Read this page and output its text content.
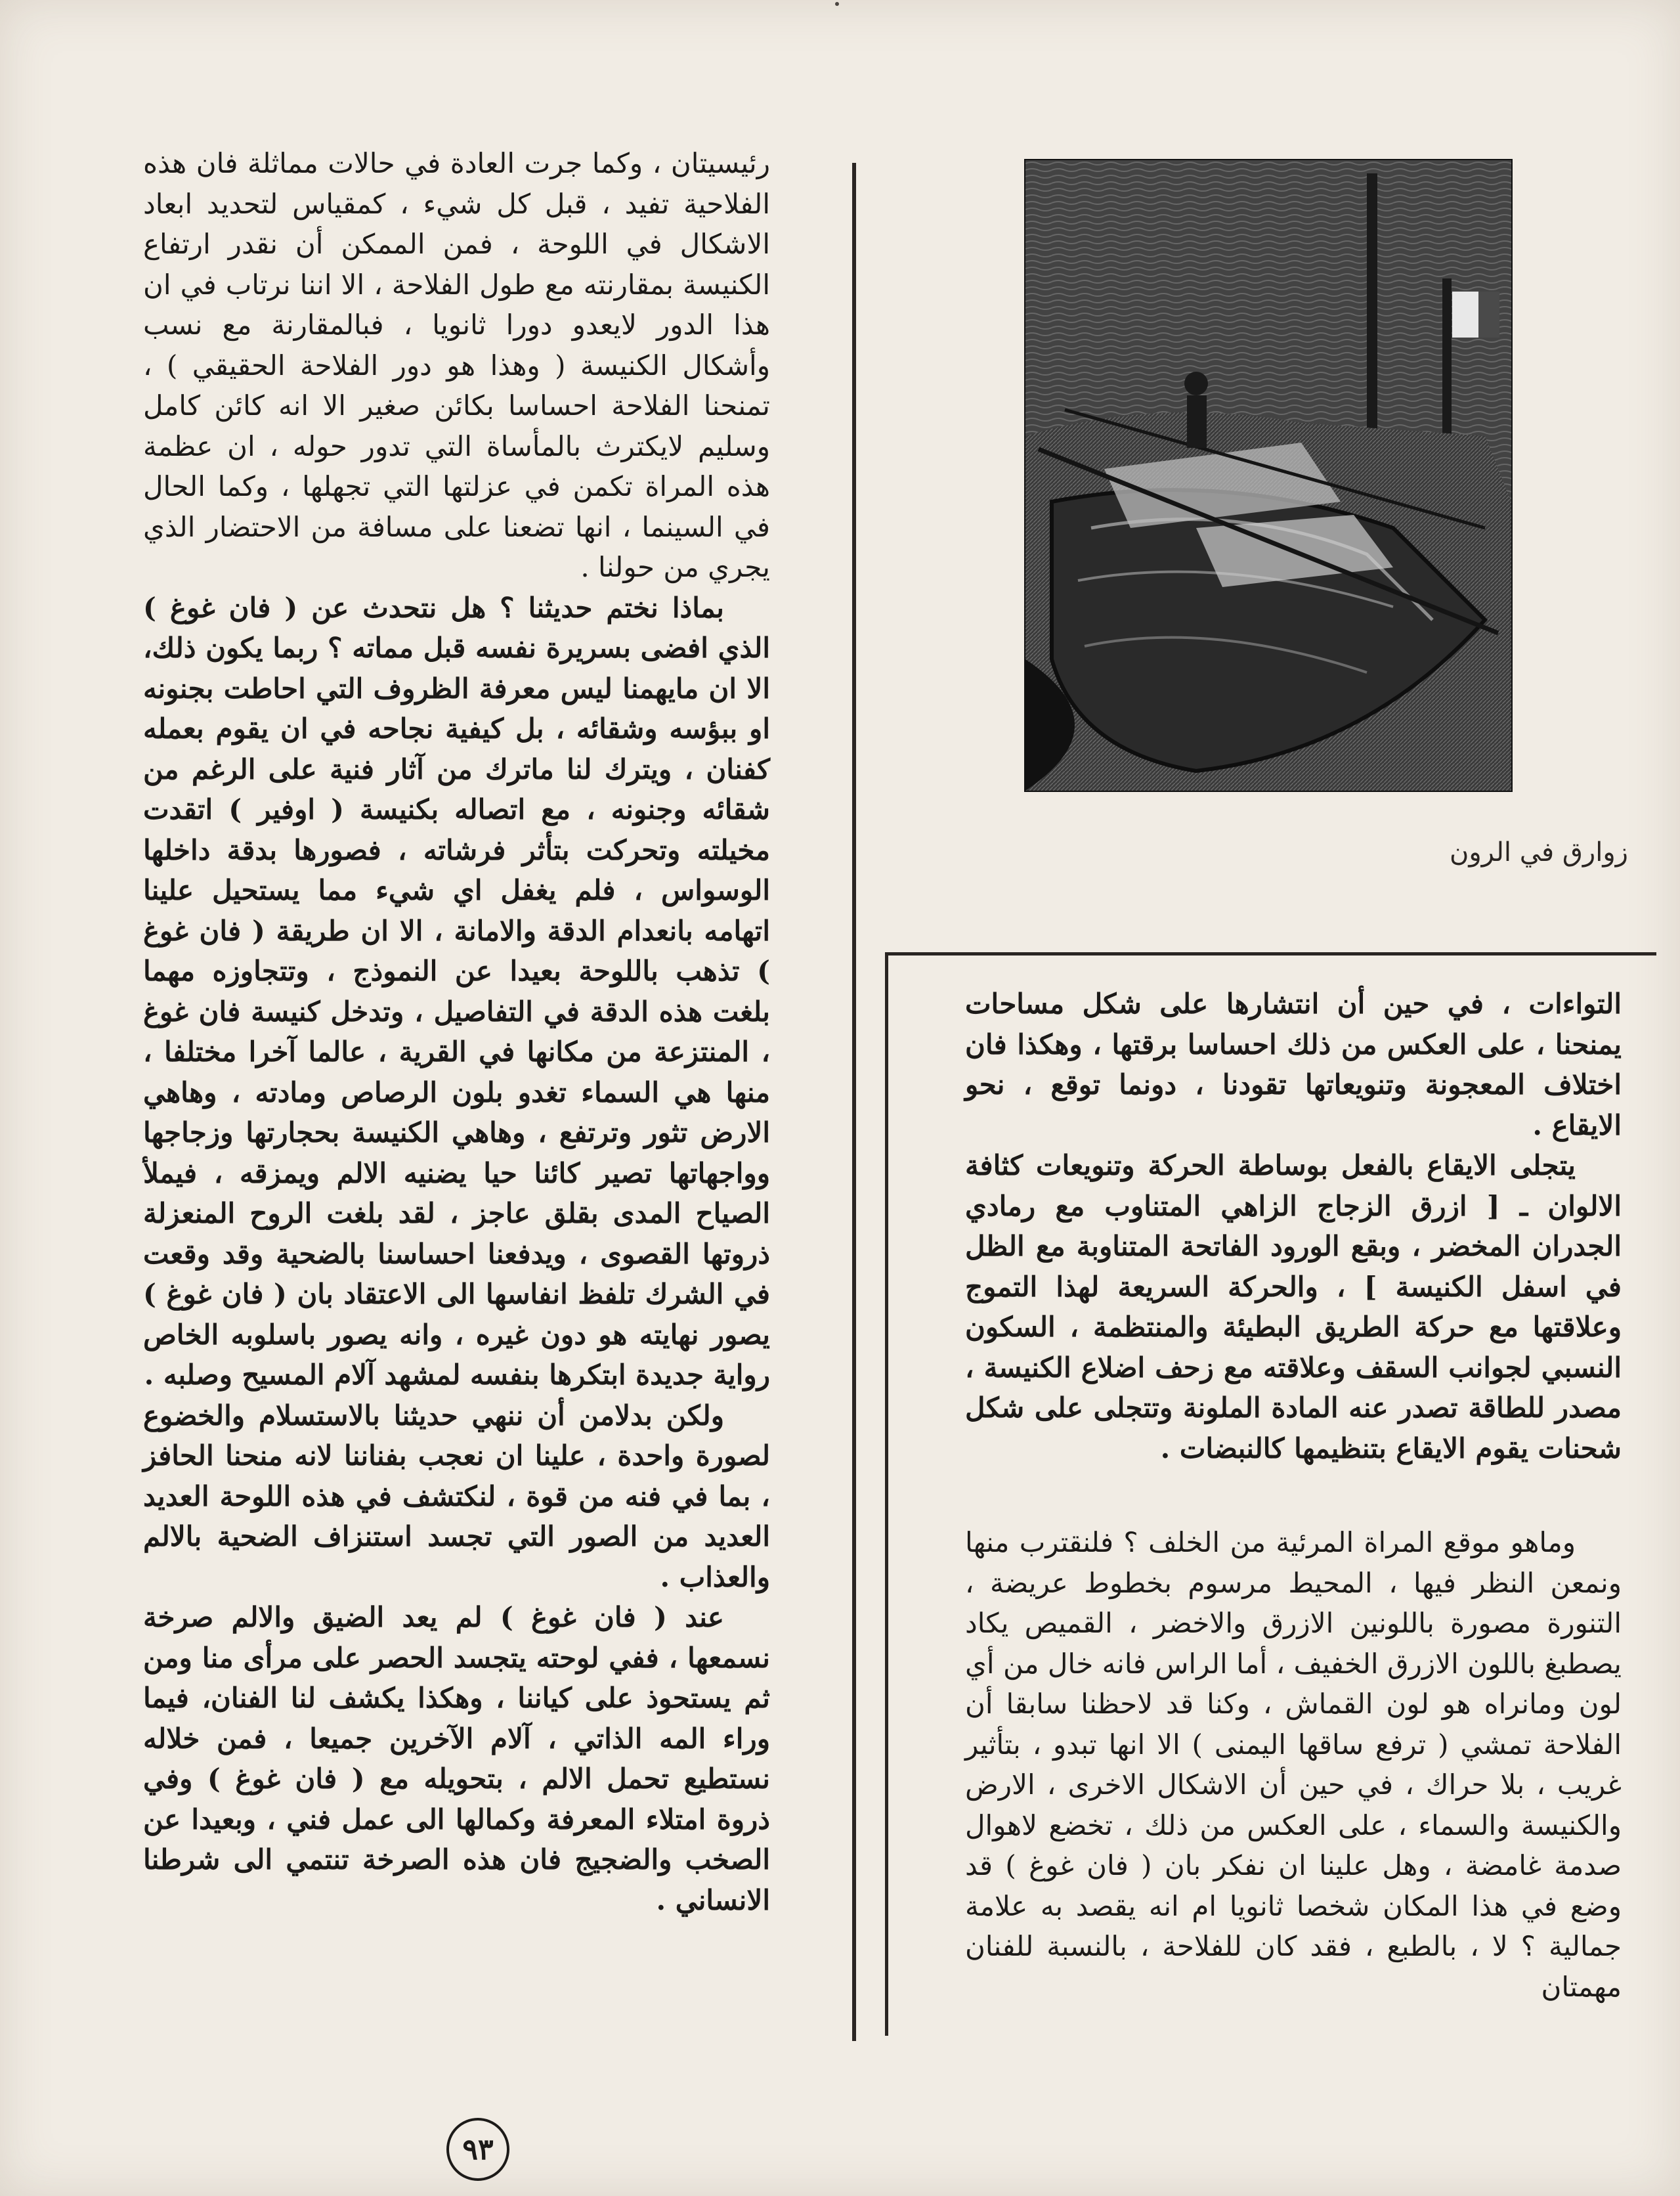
رئيسيتان ، وكما جرت العادة في حالات مماثلة فان هذه الفلاحية تفيد ، قبل كل شيء ، كمقياس لتحديد ابعاد الاشكال في اللوحة ، فمن الممكن أن نقدر ارتفاع الكنيسة بمقارنته مع طول الفلاحة ، الا اننا نرتاب في ان هذا الدور لايعدو دورا ثانويا ، فبالمقارنة مع نسب وأشكال الكنيسة ( وهذا هو دور الفلاحة الحقيقي ) ، تمنحنا الفلاحة احساسا بكائن صغير الا انه كائن كامل وسليم لايكترث بالمأساة التي تدور حوله ، ان عظمة هذه المراة تكمن في عزلتها التي تجهلها ، وكما الحال في السينما ، انها تضعنا على مسافة من الاحتضار الذي يجري من حولنا .

بماذا نختم حديثنا ؟ هل نتحدث عن ( فان غوغ ) الذي افضى بسريرة نفسه قبل مماته ؟ ربما يكون ذلك، الا ان مايهمنا ليس معرفة الظروف التي احاطت بجنونه او ببؤسه وشقائه ، بل كيفية نجاحه في ان يقوم بعمله كفنان ، ويترك لنا ماترك من آثار فنية على الرغم من شقائه وجنونه ، مع اتصاله بكنيسة ( اوفير ) اتقدت مخيلته وتحركت بتأثر فرشاته ، فصورها بدقة داخلها الوسواس ، فلم يغفل اي شيء مما يستحيل علينا اتهامه بانعدام الدقة والامانة ، الا ان طريقة ( فان غوغ ) تذهب باللوحة بعيدا عن النموذج ، وتتجاوزه مهما بلغت هذه الدقة في التفاصيل ، وتدخل كنيسة فان غوغ ، المنتزعة من مكانها في القرية ، عالما آخرا مختلفا ، منها هي السماء تغدو بلون الرصاص ومادته ، وهاهي الارض تثور وترتفع ، وهاهي الكنيسة بحجارتها وزجاجها وواجهاتها تصير كائنا حيا يضنيه الالم ويمزقه ، فيملأ الصياح المدى بقلق عاجز ، لقد بلغت الروح المنعزلة ذروتها القصوى ، ويدفعنا احساسنا بالضحية وقد وقعت في الشرك تلفظ انفاسها الى الاعتقاد بان ( فان غوغ ) يصور نهايته هو دون غيره ، وانه يصور باسلوبه الخاص رواية جديدة ابتكرها بنفسه لمشهد آلام المسيح وصلبه .

ولكن بدلامن أن ننهي حديثنا بالاستسلام والخضوع لصورة واحدة ، علينا ان نعجب بفناننا لانه منحنا الحافز ، بما في فنه من قوة ، لنكتشف في هذه اللوحة العديد العديد من الصور التي تجسد استنزاف الضحية بالالم والعذاب .

عند ( فان غوغ ) لم يعد الضيق والالم صرخة نسمعها ، ففي لوحته يتجسد الحصر على مرأى منا ومن ثم يستحوذ على كياننا ، وهكذا يكشف لنا الفنان، فيما وراء المه الذاتي ، آلام الآخرين جميعا ، فمن خلاله نستطيع تحمل الالم ، بتحويله مع ( فان غوغ ) وفي ذروة امتلاء المعرفة وكمالها الى عمل فني ، وبعيدا عن الصخب والضجيج فان هذه الصرخة تنتمي الى شرطنا الانساني .

زوارق في الرون

التواءات ، في حين أن انتشارها على شكل مساحات يمنحنا ، على العكس من ذلك احساسا برقتها ، وهكذا فان اختلاف المعجونة وتنويعاتها تقودنا ، دونما توقع ، نحو الايقاع .

يتجلى الايقاع بالفعل بوساطة الحركة وتنويعات كثافة الالوان ـ [ ازرق الزجاج الزاهي المتناوب مع رمادي الجدران المخضر ، وبقع الورود الفاتحة المتناوبة مع الظل في اسفل الكنيسة ] ، والحركة السريعة لهذا التموج وعلاقتها مع حركة الطريق البطيئة والمنتظمة ، السكون النسبي لجوانب السقف وعلاقته مع زحف اضلاع الكنيسة ، مصدر للطاقة تصدر عنه المادة الملونة وتتجلى على شكل شحنات يقوم الايقاع بتنظيمها كالنبضات .

وماهو موقع المراة المرئية من الخلف ؟ فلنقترب منها ونمعن النظر فيها ، المحيط مرسوم بخطوط عريضة ، التنورة مصورة باللونين الازرق والاخضر ، القميص يكاد يصطبغ باللون الازرق الخفيف ، أما الراس فانه خال من أي لون ومانراه هو لون القماش ، وكنا قد لاحظنا سابقا أن الفلاحة تمشي ( ترفع ساقها اليمنى ) الا انها تبدو ، بتأثير غريب ، بلا حراك ، في حين أن الاشكال الاخرى ، الارض والكنيسة والسماء ، على العكس من ذلك ، تخضع لاهوال صدمة غامضة ، وهل علينا ان نفكر بان ( فان غوغ ) قد وضع في هذا المكان شخصا ثانويا ام انه يقصد به علامة جمالية ؟ لا ، بالطبع ، فقد كان للفلاحة ، بالنسبة للفنان مهمتان

٩٣
